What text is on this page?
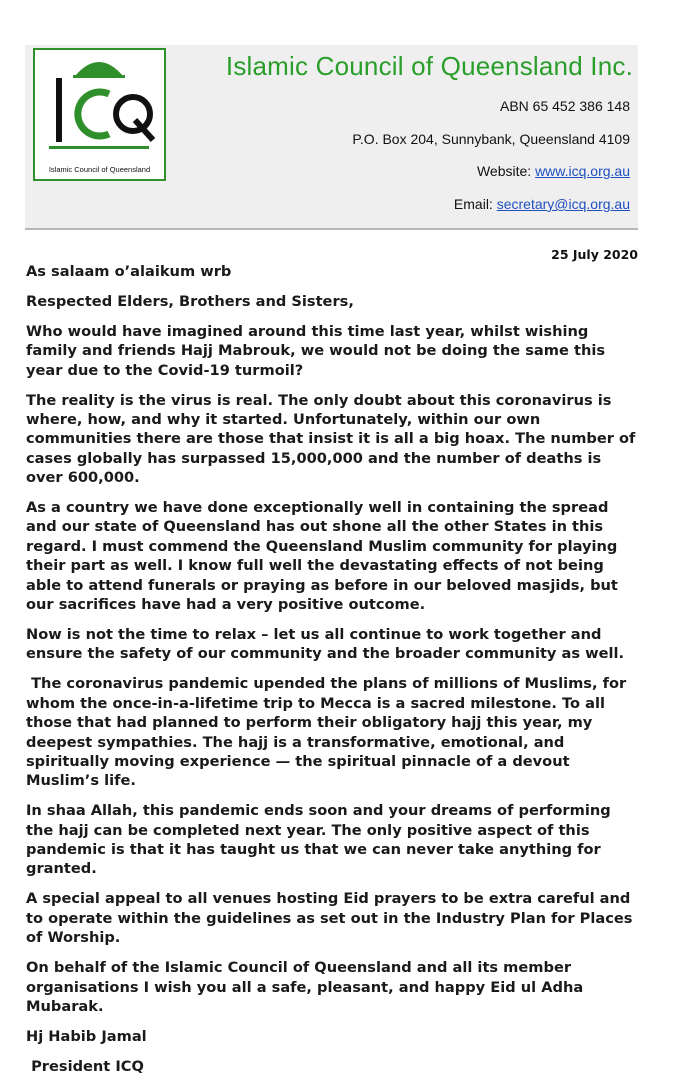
Islamic Council of Queensland
Islamic Council of Queensland Inc.
ABN 65 452 386 148
P.O. Box 204, Sunnybank, Queensland 4109
Website: www.icq.org.au
Email: secretary@icq.org.au
25 July 2020

As salaam o’alaikum wrb

Respected Elders, Brothers and Sisters,

Who would have imagined around this time last year, whilst wishing family and friends Hajj Mabrouk, we would not be doing the same this year due to the Covid-19 turmoil?

The reality is the virus is real. The only doubt about this coronavirus is where, how, and why it started. Unfortunately, within our own communities there are those that insist it is all a big hoax. The number of cases globally has surpassed 15,000,000 and the number of deaths is over 600,000.

As a country we have done exceptionally well in containing the spread and our state of Queensland has out shone all the other States in this regard. I must commend the Queensland Muslim community for playing their part as well. I know full well the devastating effects of not being able to attend funerals or praying as before in our beloved masjids, but our sacrifices have had a very positive outcome.

Now is not the time to relax – let us all continue to work together and ensure the safety of our community and the broader community as well.

The coronavirus pandemic upended the plans of millions of Muslims, for whom the once-in-a-lifetime trip to Mecca is a sacred milestone. To all those that had planned to perform their obligatory hajj this year, my deepest sympathies. The hajj is a transformative, emotional, and spiritually moving experience — the spiritual pinnacle of a devout Muslim’s life.

In shaa Allah, this pandemic ends soon and your dreams of performing the hajj can be completed next year. The only positive aspect of this pandemic is that it has taught us that we can never take anything for granted.

A special appeal to all venues hosting Eid prayers to be extra careful and to operate within the guidelines as set out in the Industry Plan for Places of Worship.

On behalf of the Islamic Council of Queensland and all its member organisations I wish you all a safe, pleasant, and happy Eid ul Adha Mubarak.

Hj Habib Jamal

President ICQ
